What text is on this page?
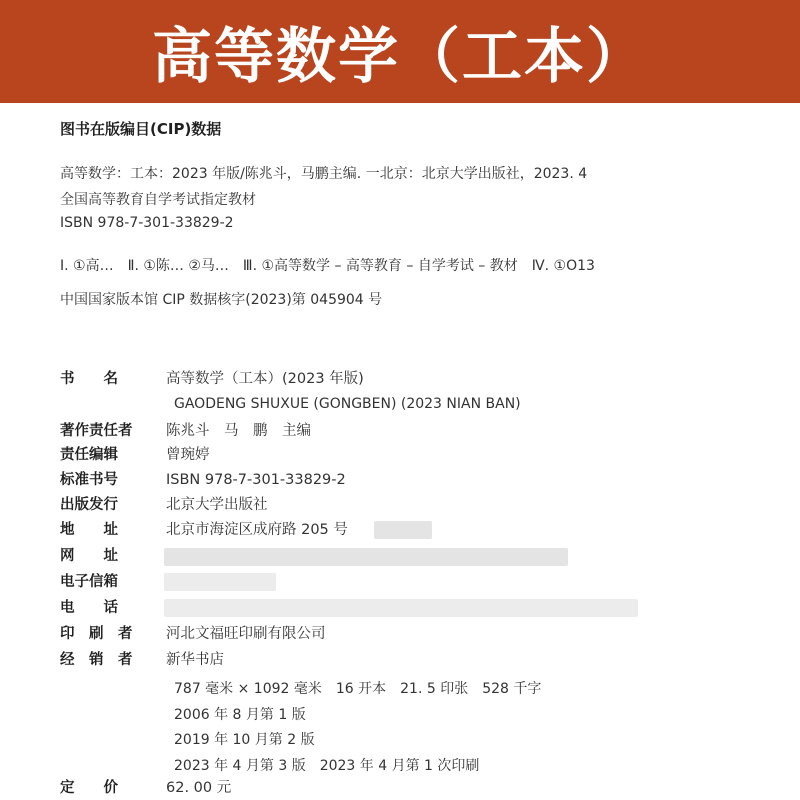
高等数学（工本）
图书在版编目(CIP)数据
高等数学：工本：2023 年版/陈兆斗，马鹏主编. 一北京：北京大学出版社，2023. 4
全国高等教育自学考试指定教材
ISBN 978-7-301-33829-2
Ⅰ. ①高…　Ⅱ. ①陈… ②马…　Ⅲ. ①高等数学 – 高等教育 – 自学考试 – 教材　Ⅳ. ①O13
中国国家版本馆 CIP 数据核字(2023)第 045904 号
书　　名	高等数学（工本）(2023 年版)
GAODENG SHUXUE (GONGBEN) (2023 NIAN BAN)
著作责任者	陈兆斗　马　鹏　主编
责任编辑	曾琬婷
标准书号	ISBN 978-7-301-33829-2
出版发行	北京大学出版社
地　　址	北京市海淀区成府路 205 号
网　　址
电子信箱
电　　话
印　刷　者	河北文福旺印刷有限公司
经　销　者	新华书店
787 毫米 × 1092 毫米　16 开本　21. 5 印张　528 千字
2006 年 8 月第 1 版
2019 年 10 月第 2 版
2023 年 4 月第 3 版　2023 年 4 月第 1 次印刷
定　　价	62. 00 元
